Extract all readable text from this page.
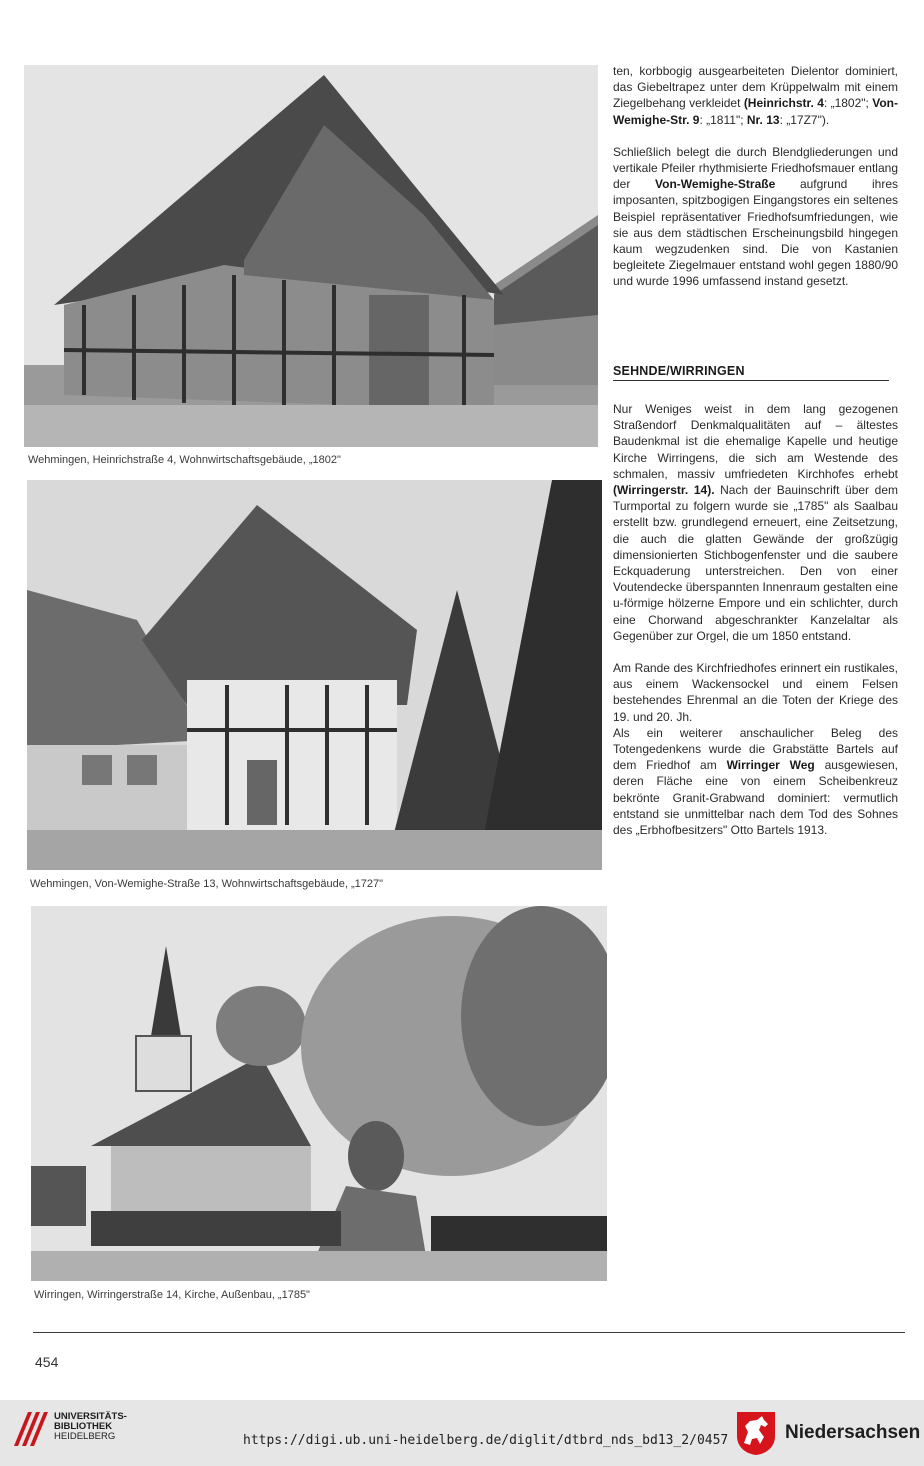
Wehmingen, Heinrichstraße 4, Wohnwirtschaftsgebäude, „1802"
Wehmingen, Von-Wemighe-Straße 13, Wohnwirtschaftsgebäude, „1727"
Wirringen, Wirringerstraße 14, Kirche, Außenbau, „1785"

ten, korbbogig ausgearbeiteten Dielentor dominiert, das Giebeltrapez unter dem Krüppelwalm mit einem Ziegelbehang verkleidet (Heinrichstr. 4: „1802"; Von-Wemighe-Str. 9: „1811"; Nr. 13: „17Z7").

Schließlich belegt die durch Blendgliederungen und vertikale Pfeiler rhythmisierte Friedhofsmauer entlang der Von-Wemighe-Straße aufgrund ihres imposanten, spitzbogigen Eingangstores ein seltenes Beispiel repräsentativer Friedhofsumfriedungen, wie sie aus dem städtischen Erscheinungsbild hingegen kaum wegzudenken sind. Die von Kastanien begleitete Ziegelmauer entstand wohl gegen 1880/90 und wurde 1996 umfassend instand gesetzt.

SEHNDE/WIRRINGEN

Nur Weniges weist in dem lang gezogenen Straßendorf Denkmalqualitäten auf – ältestes Baudenkmal ist die ehemalige Kapelle und heutige Kirche Wirringens, die sich am Westende des schmalen, massiv umfriedeten Kirchhofes erhebt (Wirringerstr. 14). Nach der Bauinschrift über dem Turmportal zu folgern wurde sie „1785" als Saalbau erstellt bzw. grundlegend erneuert, eine Zeitsetzung, die auch die glatten Gewände der großzügig dimensionierten Stichbogenfenster und die saubere Eckquaderung unterstreichen. Den von einer Voutendecke überspannten Innenraum gestalten eine u-förmige hölzerne Empore und ein schlichter, durch eine Chorwand abgeschrankter Kanzelaltar als Gegenüber zur Orgel, die um 1850 entstand.

Am Rande des Kirchfriedhofes erinnert ein rustikales, aus einem Wackensockel und einem Felsen bestehendes Ehrenmal an die Toten der Kriege des 19. und 20. Jh.

Als ein weiterer anschaulicher Beleg des Totengedenkens wurde die Grabstätte Bartels auf dem Friedhof am Wirringer Weg ausgewiesen, deren Fläche eine von einem Scheibenkreuz bekrönte Granit-Grabwand dominiert: vermutlich entstand sie unmittelbar nach dem Tod des Sohnes des „Erbhofbesitzers" Otto Bartels 1913.

454
UNIVERSITÄTS-
BIBLIOTHEK
HEIDELBERG	https://digi.ub.uni-heidelberg.de/diglit/dtbrd_nds_bd13_2/0457	Niedersachsen
